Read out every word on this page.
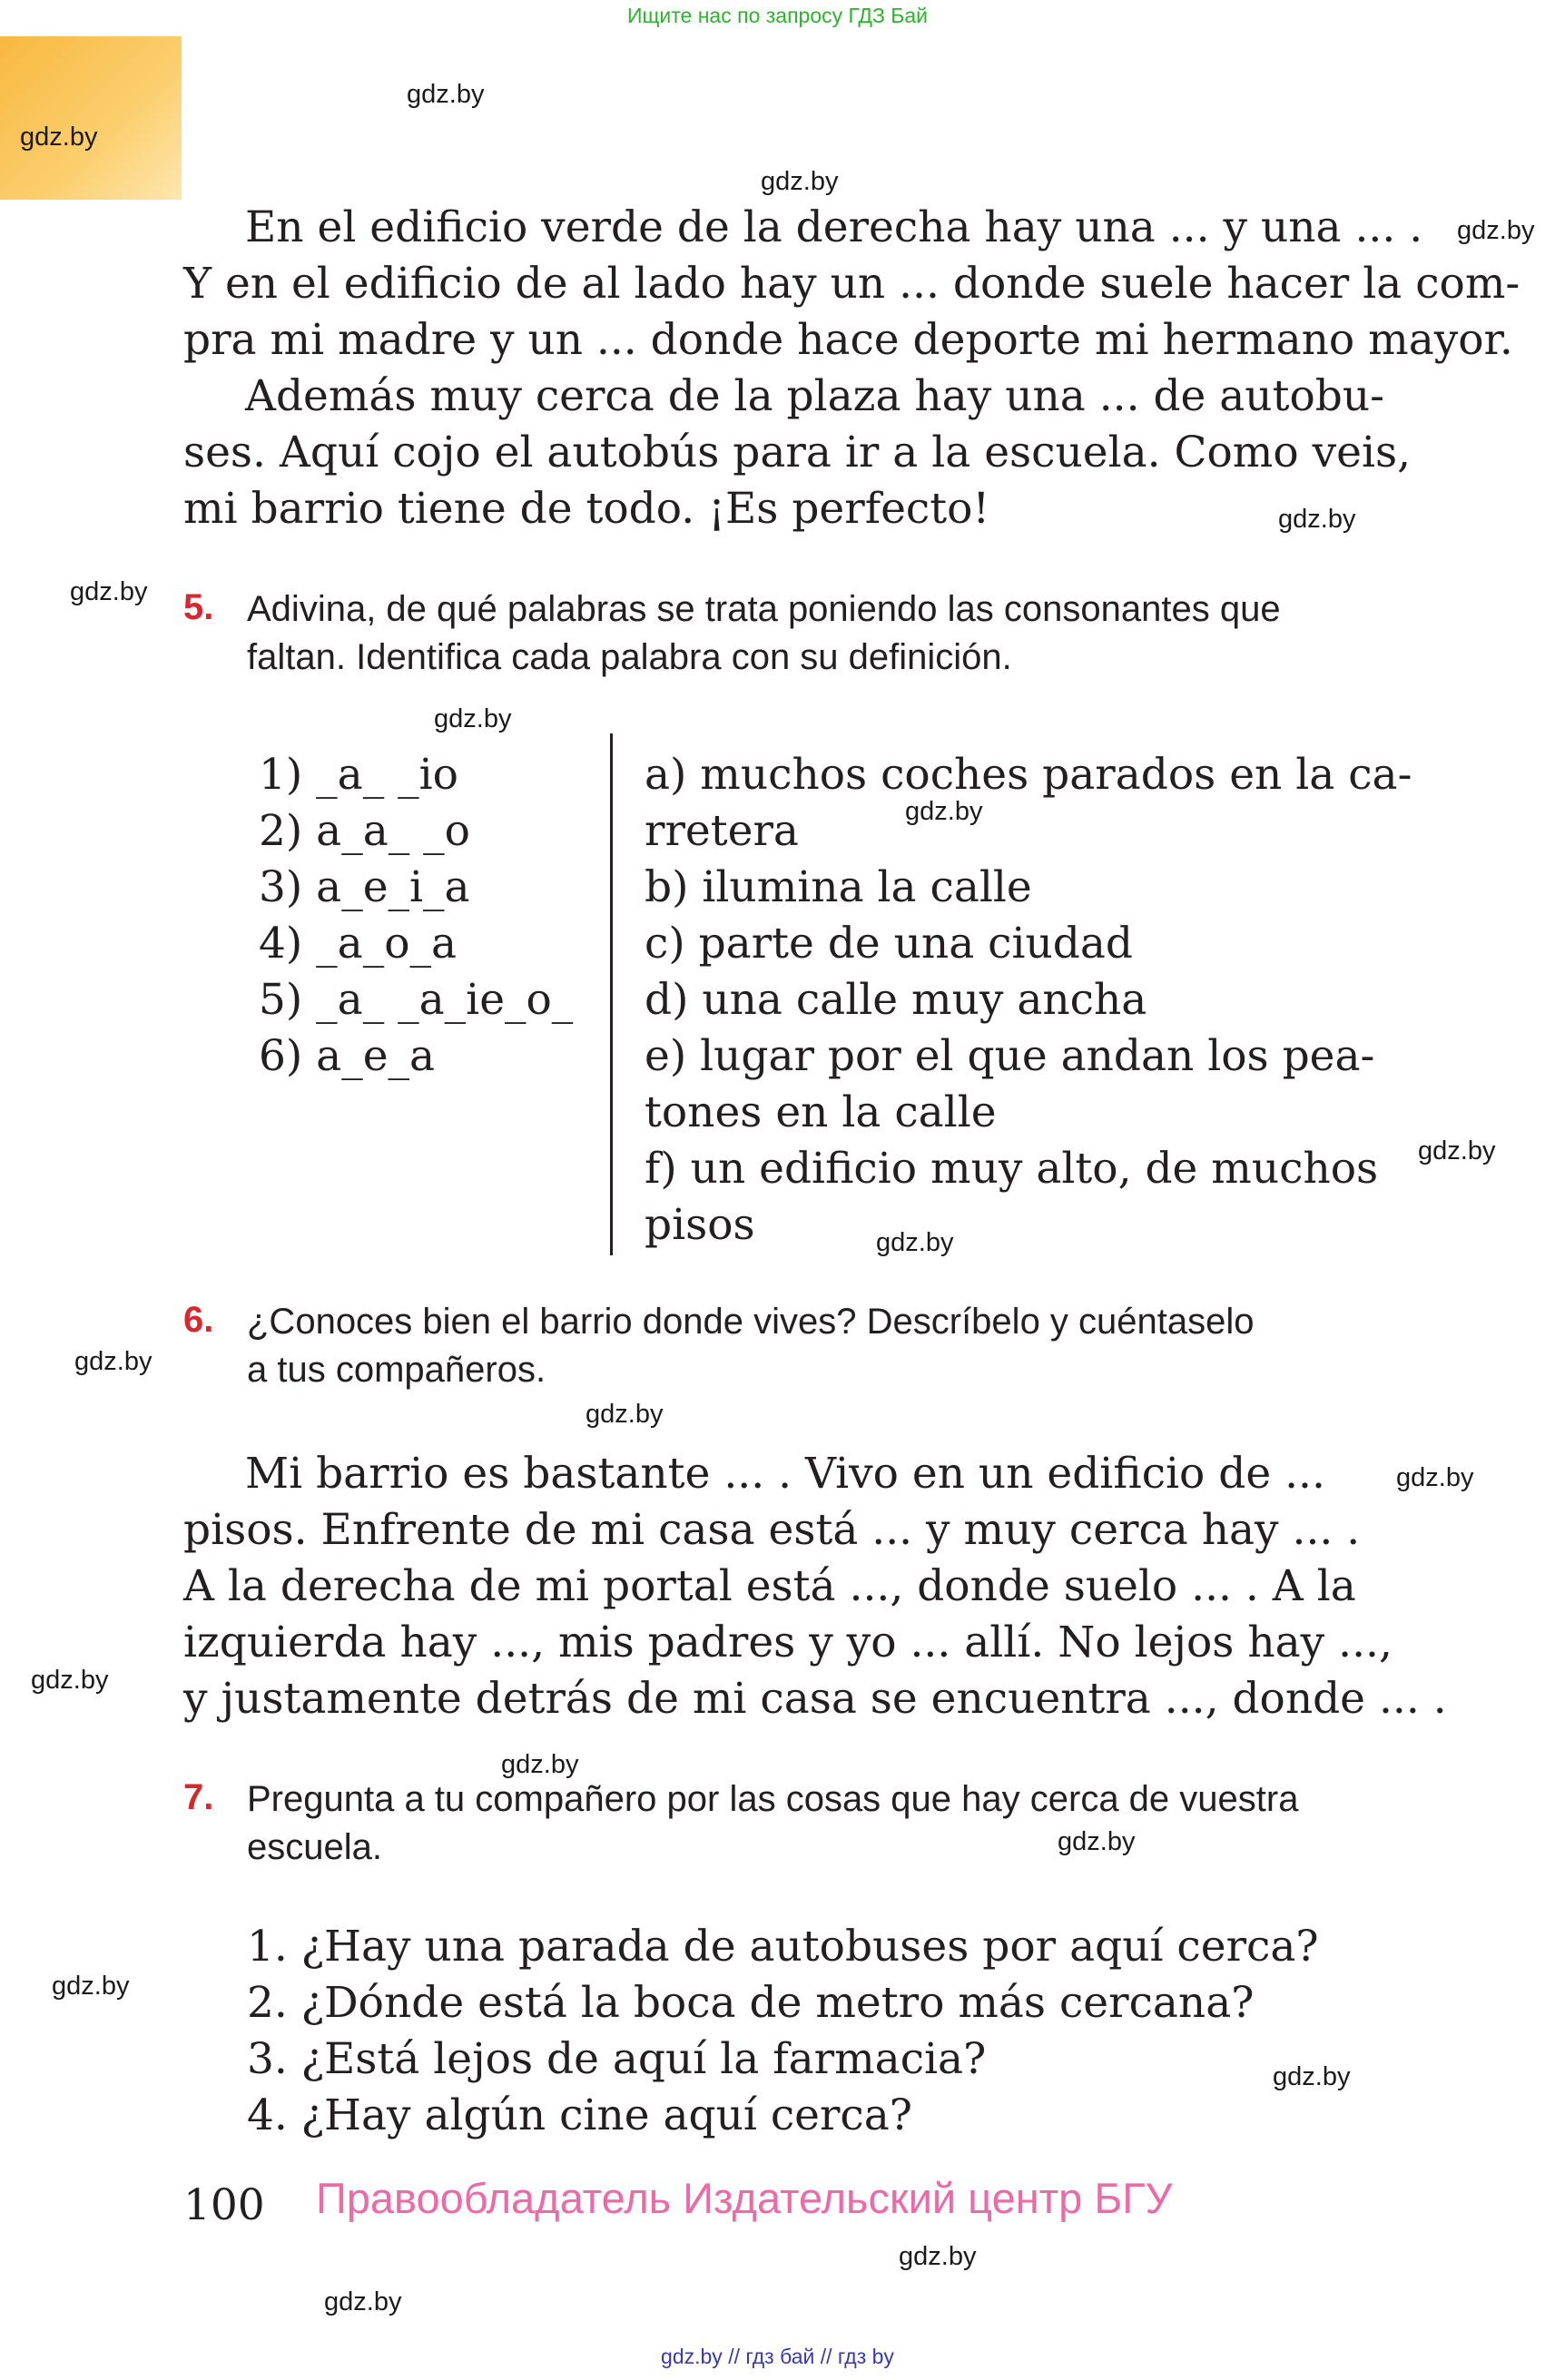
Ищите нас по запросу ГДЗ Бай
gdz.by
gdz.by
gdz.by
gdz.by
gdz.by
gdz.by
gdz.by
gdz.by
gdz.by
gdz.by
gdz.by
gdz.by
gdz.by
gdz.by
gdz.by
gdz.by
gdz.by
gdz.by
gdz.by
gdz.by
En el edificio verde de la derecha hay una ... y una ... .
Y en el edificio de al lado hay un ... donde suele hacer la com-
pra mi madre y un ... donde hace deporte mi hermano mayor.
Además muy cerca de la plaza hay una ... de autobu-
ses. Aquí cojo el autobús para ir a la escuela. Como veis,
mi barrio tiene de todo. ¡Es perfecto!
5. Adivina, de qué palabras se trata poniendo las consonantes que
faltan. Identifica cada palabra con su definición.
1) _a_ _io
2) a_a_ _o
3) a_e_i_a
4) _a_o_a
5) _a_ _a_ie_o_
6) a_e_a
a) muchos coches parados en la ca-
rretera
b) ilumina la calle
c) parte de una ciudad
d) una calle muy ancha
e) lugar por el que andan los pea-
tones en la calle
f) un edificio muy alto, de muchos
pisos
6. ¿Conoces bien el barrio donde vives? Descríbelo y cuéntaselo
a tus compañeros.
Mi barrio es bastante ... . Vivo en un edificio de ...
pisos. Enfrente de mi casa está ... y muy cerca hay ... .
A la derecha de mi portal está ..., donde suelo ... . A la
izquierda hay ..., mis padres y yo ... allí. No lejos hay ...,
y justamente detrás de mi casa se encuentra ..., donde ... .
7. Pregunta a tu compañero por las cosas que hay cerca de vuestra
escuela.
1. ¿Hay una parada de autobuses por aquí cerca?
2. ¿Dónde está la boca de metro más cercana?
3. ¿Está lejos de aquí la farmacia?
4. ¿Hay algún cine aquí cerca?
100 Правообладатель Издательский центр БГУ
gdz.by // гдз бай // гдз by
